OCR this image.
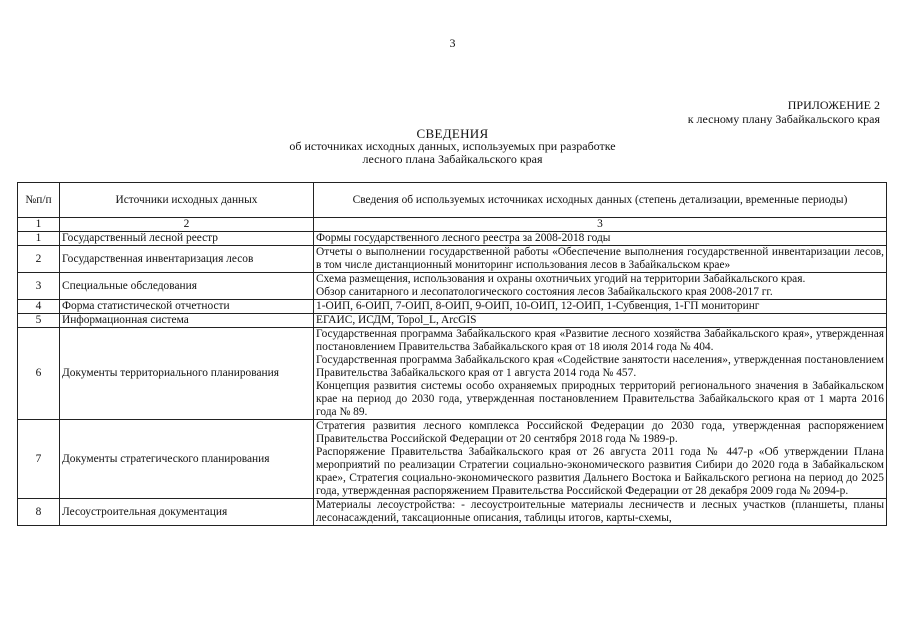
3
ПРИЛОЖЕНИЕ 2
к лесному плану Забайкальского края
СВЕДЕНИЯ
об источниках исходных данных, используемых при разработке
лесного плана Забайкальского края
№п/п	Источники исходных данных	Сведения об используемых источниках исходных данных (степень детализации, временные периоды)
1	2	3
1	Государственный лесной реестр	Формы государственного лесного реестра за 2008-2018 годы

2	Государственная инвентаризация лесов	Отчеты о выполнении государственной работы «Обеспечение выполнения государственной инвентаризации лесов, в том числе дистанционный мониторинг использования лесов в Забайкальском крае»

3	Специальные обследования	Схема размещения, использования и охраны охотничьих угодий на территории Забайкальского края.

Обзор санитарного и лесопатологического состояния лесов Забайкальского края 2008-2017 гг.

4	Форма статистической отчетности	1-ОИП, 6-ОИП, 7-ОИП, 8-ОИП, 9-ОИП, 10-ОИП, 12-ОИП, 1-Субвенция, 1-ГП мониторинг

5	Информационная система	ЕГАИС, ИСДМ, Topol_L, ArcGIS

6	Документы территориального планирования	Государственная программа Забайкальского края «Развитие лесного хозяйства Забайкальского края», утвержденная постановлением Правительства Забайкальского края от 18 июля 2014 года № 404.

Государственная программа Забайкальского края «Содействие занятости населения», утвержденная постановлением Правительства Забайкальского края от 1 августа 2014 года № 457.

Концепция развития системы особо охраняемых природных территорий регионального значения в Забайкальском крае на период до 2030 года, утвержденная постановлением Правительства Забайкальского края от 1 марта 2016 года № 89.

7	Документы стратегического планирования	Стратегия развития лесного комплекса Российской Федерации до 2030 года, утвержденная распоряжением Правительства Российской Федерации от 20 сентября 2018 года № 1989-р.

Распоряжение Правительства Забайкальского края от 26 августа 2011 года № 447-р «Об утверждении Плана мероприятий по реализации Стратегии социально-экономического развития Сибири до 2020 года в Забайкальском крае», Стратегия социально-экономического развития Дальнего Востока и Байкальского региона на период до 2025 года, утвержденная распоряжением Правительства Российской Федерации от 28 декабря 2009 года № 2094-р.

8	Лесоустроительная документация	Материалы лесоустройства: - лесоустроительные материалы лесничеств и лесных участков (планшеты, планы лесонасаждений, таксационные описания, таблицы итогов, карты-схемы,
